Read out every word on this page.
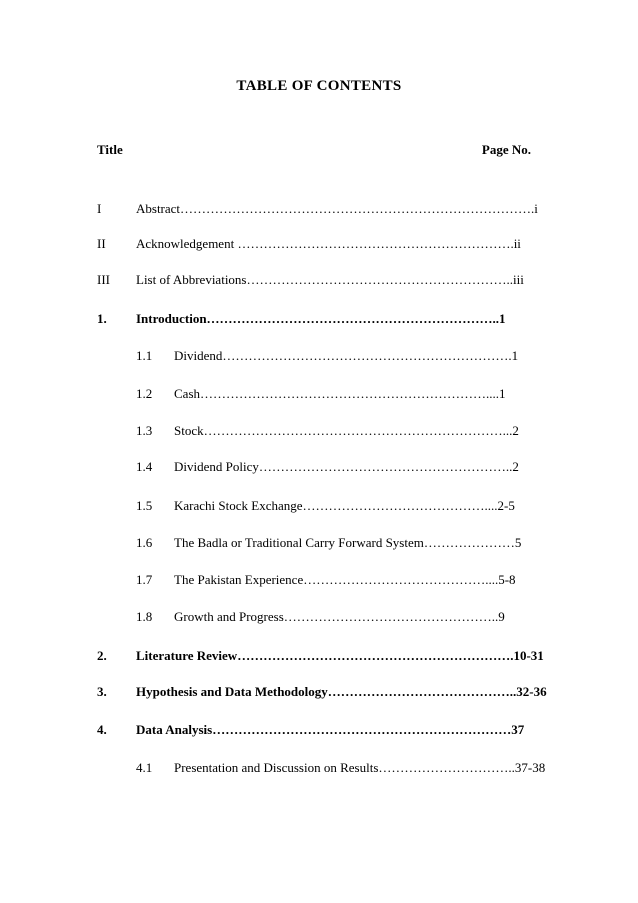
TABLE OF CONTENTS
Title	Page No.
I	Abstract……………………………………………………………………….i
II Acknowledgement ……………………………………………………….ii
III List of Abbreviations……………………………………………………..iii
1. Introduction…………………………………………………………..1
1.1 Dividend………………………………………………………….1
1.2 Cash…………………………………………………………....1
1.3 Stock……………………………………………………………...2
1.4 Dividend Policy…………………………………………………..2
1.5 Karachi Stock Exchange……………………………………....2-5
1.6 The Badla or Traditional Carry Forward System…………………5
1.7 The Pakistan Experience……………………………………....5-8
1.8 Growth and Progress…………………………………………..9
2. Literature Review……………………………………………………….10-31
3. Hypothesis and Data Methodology……………………………………..32-36
4. Data Analysis……………………………………………………………37
4.1 Presentation and Discussion on Results…………………………..37-38
